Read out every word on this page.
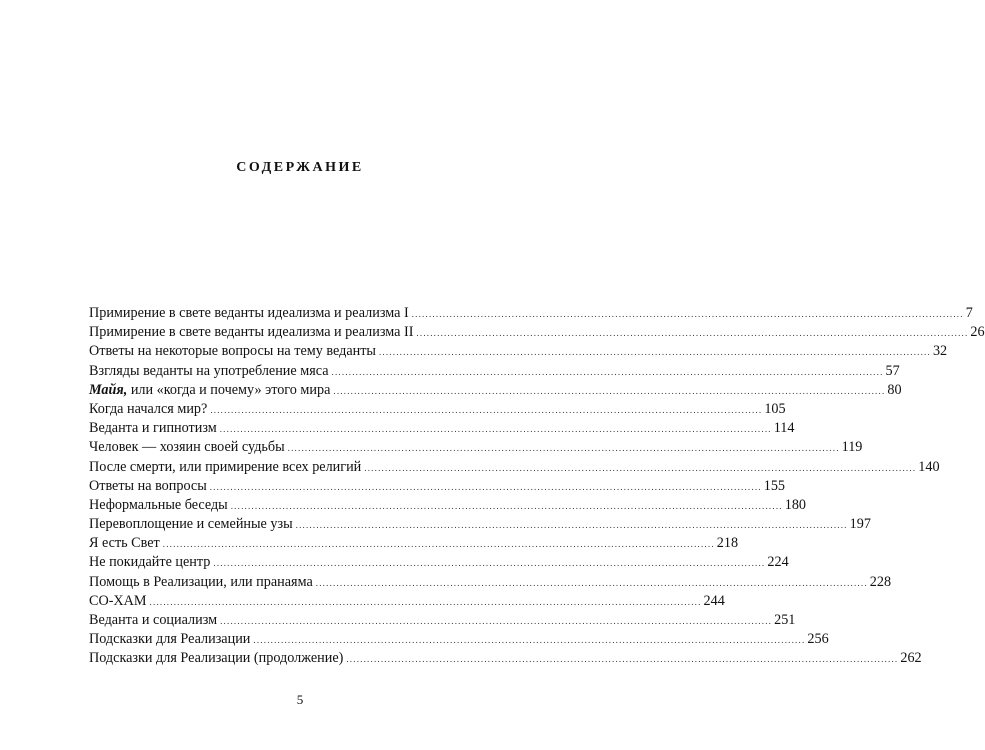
СОДЕРЖАНИЕ
Примирение в свете веданты идеализма и реализма I .....	7
Примирение в свете веданты идеализма и реализма II .....	26
Ответы на некоторые вопросы на тему веданты .....	32
Взгляды веданты на употребление мяса .....	57
Майя, или «когда и почему» этого мира .....	80
Когда начался мир? .....	105
Веданта и гипнотизм .....	114
Человек — хозяин своей судьбы .....	119
После смерти, или примирение всех религий .....	140
Ответы на вопросы .....	155
Неформальные беседы .....	180
Перевоплощение и семейные узы .....	197
Я есть Свет .....	218
Не покидайте центр .....	224
Помощь в Реализации, или пранаяма .....	228
СО-ХАМ .....	244
Веданта и социализм .....	251
Подсказки для Реализации .....	256
Подсказки для Реализации (продолжение) .....	262

5
